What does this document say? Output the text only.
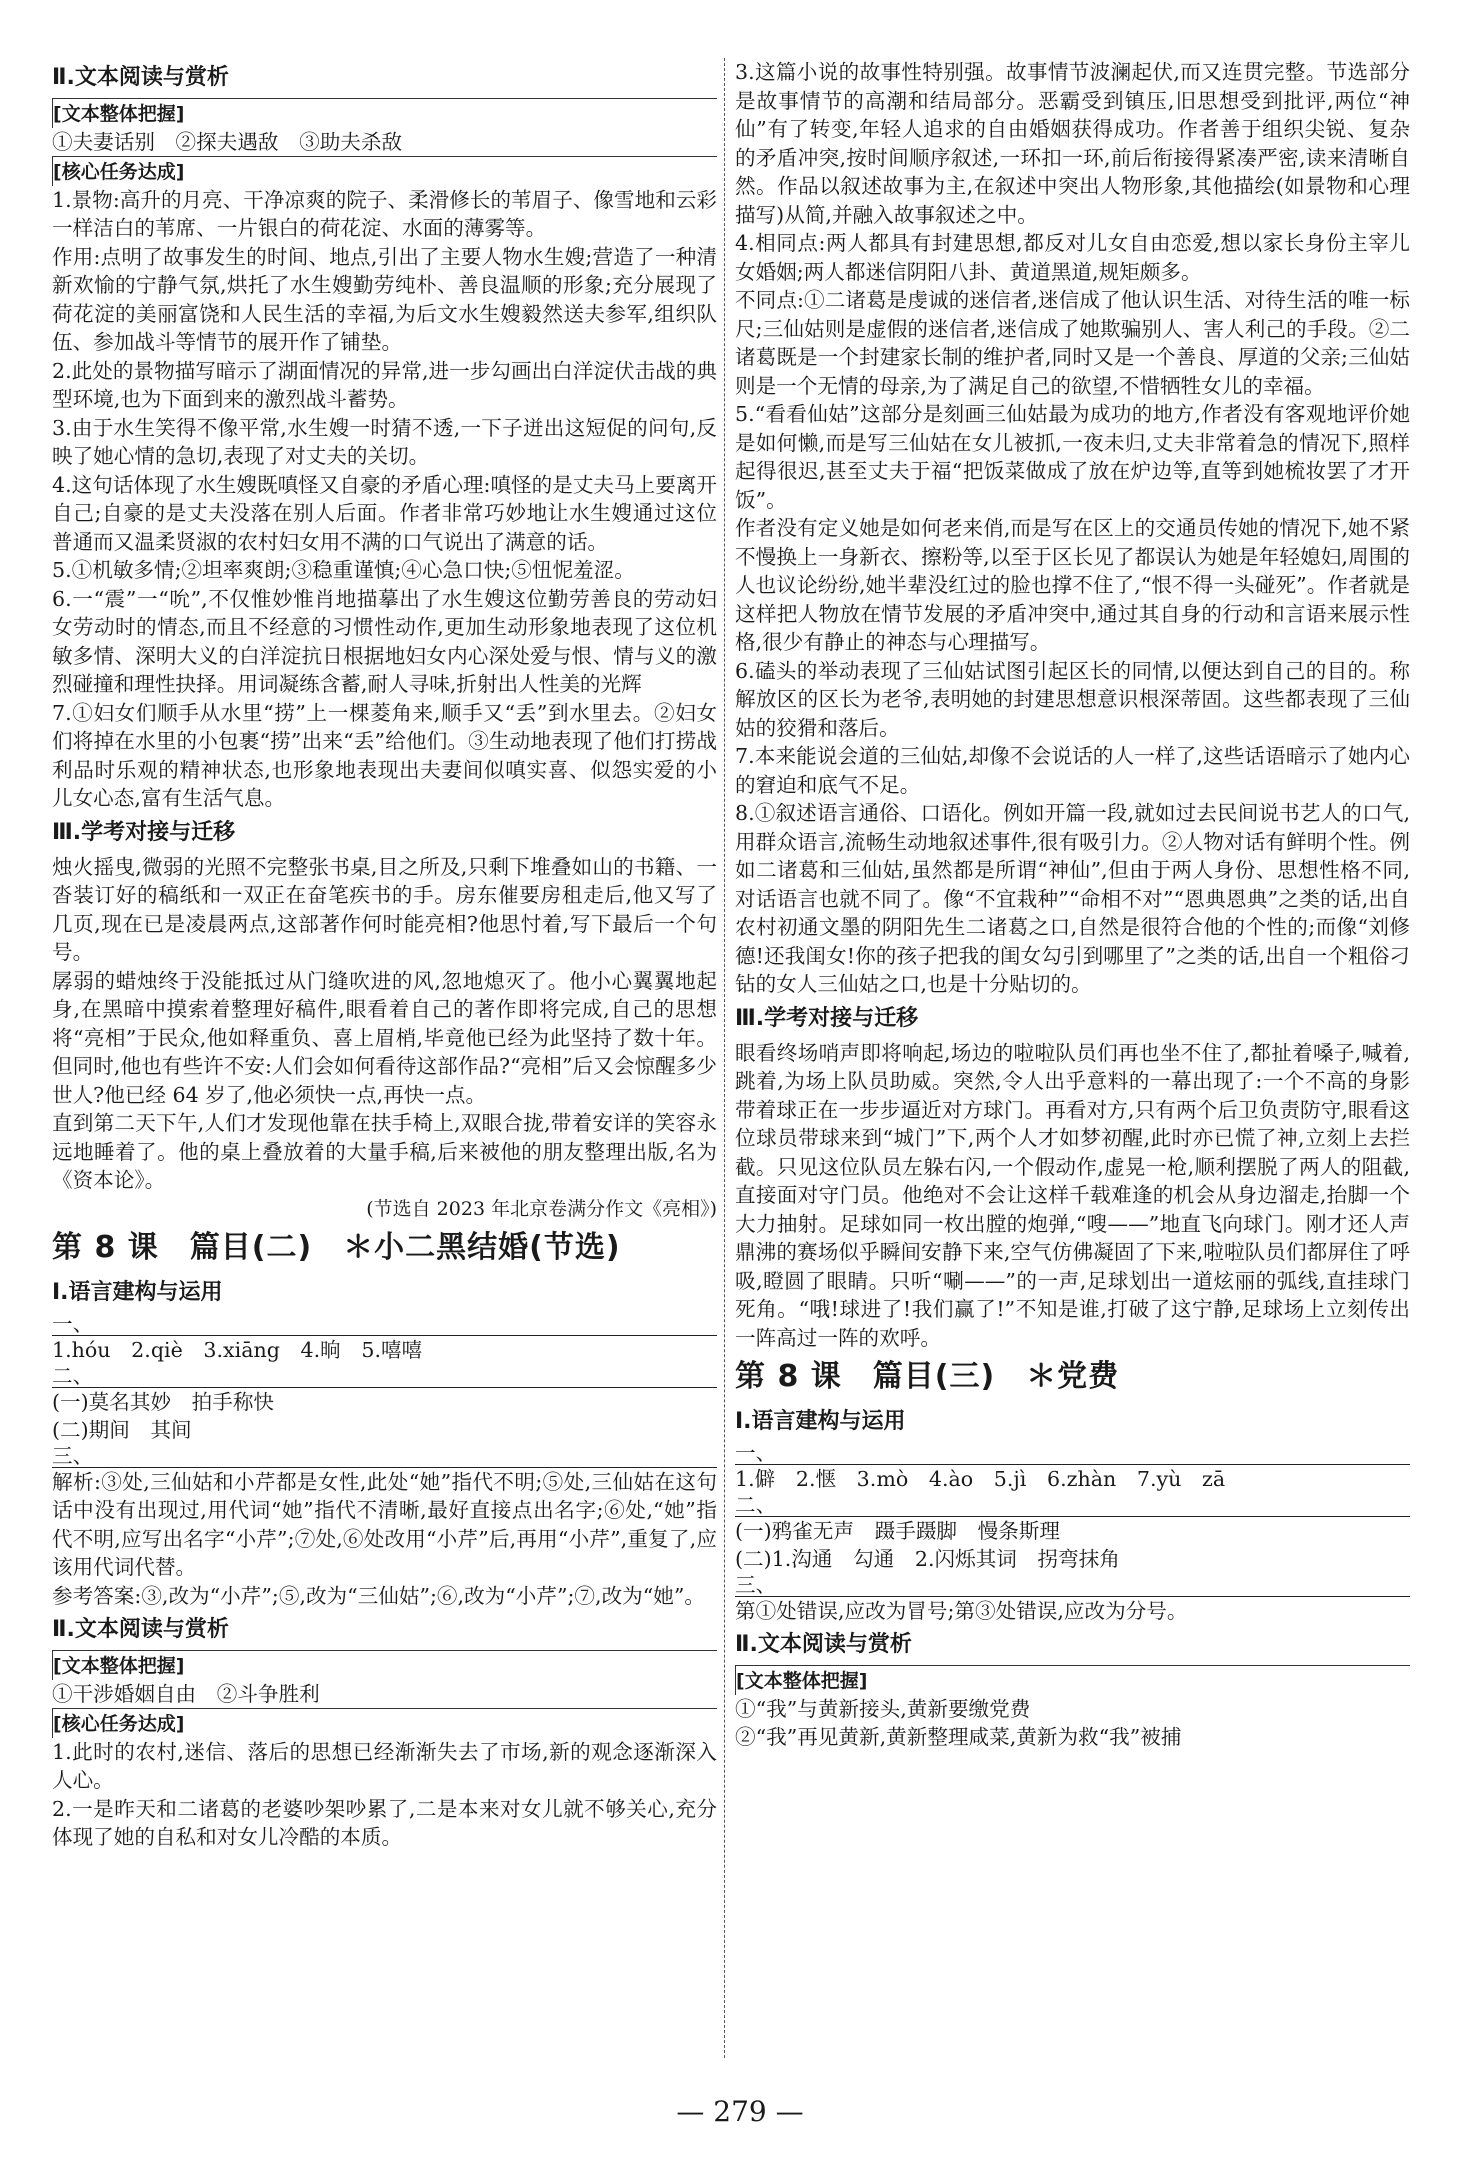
Ⅱ.文本阅读与赏析

[ 文本整体把握 ]

①夫妻话别　②探夫遇敌　③助夫杀敌

[ 核心任务达成 ]

1.景物:高升的月亮、干净凉爽的院子、柔滑修长的苇眉子、像雪地和云彩一样洁白的苇席、一片银白的荷花淀、水面的薄雾等。

作用:点明了故事发生的时间、地点,引出了主要人物水生嫂;营造了一种清新欢愉的宁静气氛,烘托了水生嫂勤劳纯朴、善良温顺的形象;充分展现了荷花淀的美丽富饶和人民生活的幸福,为后文水生嫂毅然送夫参军,组织队伍、参加战斗等情节的展开作了铺垫。

2.此处的景物描写暗示了湖面情况的异常,进一步勾画出白洋淀伏击战的典型环境,也为下面到来的激烈战斗蓄势。

3.由于水生笑得不像平常,水生嫂一时猜不透,一下子迸出这短促的问句,反映了她心情的急切,表现了对丈夫的关切。

4.这句话体现了水生嫂既嗔怪又自豪的矛盾心理:嗔怪的是丈夫马上要离开自己;自豪的是丈夫没落在别人后面。作者非常巧妙地让水生嫂通过这位普通而又温柔贤淑的农村妇女用不满的口气说出了满意的话。

5.①机敏多情;②坦率爽朗;③稳重谨慎;④心急口快;⑤忸怩羞涩。

6.一“震”一“吮”,不仅惟妙惟肖地描摹出了水生嫂这位勤劳善良的劳动妇女劳动时的情态,而且不经意的习惯性动作,更加生动形象地表现了这位机敏多情、深明大义的白洋淀抗日根据地妇女内心深处爱与恨、情与义的激烈碰撞和理性抉择。用词凝练含蓄,耐人寻味,折射出人性美的光辉

7.①妇女们顺手从水里“捞”上一棵菱角来,顺手又“丢”到水里去。②妇女们将掉在水里的小包裹“捞”出来“丢”给他们。③生动地表现了他们打捞战利品时乐观的精神状态,也形象地表现出夫妻间似嗔实喜、似怨实爱的小儿女心态,富有生活气息。

Ⅲ.学考对接与迁移

烛火摇曳,微弱的光照不完整张书桌,目之所及,只剩下堆叠如山的书籍、一沓装订好的稿纸和一双正在奋笔疾书的手。房东催要房租走后,他又写了几页,现在已是凌晨两点,这部著作何时能亮相?他思忖着,写下最后一个句号。

孱弱的蜡烛终于没能抵过从门缝吹进的风,忽地熄灭了。他小心翼翼地起身,在黑暗中摸索着整理好稿件,眼看着自己的著作即将完成,自己的思想将“亮相”于民众,他如释重负、喜上眉梢,毕竟他已经为此坚持了数十年。但同时,他也有些许不安:人们会如何看待这部作品?“亮相”后又会惊醒多少世人?他已经 64 岁了,他必须快一点,再快一点。

直到第二天下午,人们才发现他靠在扶手椅上,双眼合拢,带着安详的笑容永远地睡着了。他的桌上叠放着的大量手稿,后来被他的朋友整理出版,名为《资本论》。

(节选自 2023 年北京卷满分作文《亮相》)

第 8 课　篇目(二)　＊小二黑结婚(节选)

Ⅰ.语言建构与运用

一、

1.hóu　2.qiè　3.xiāng　4.晌　5.嘻嘻

二、

(一)莫名其妙　拍手称快

(二)期间　其间

三、

解析:③处,三仙姑和小芹都是女性,此处“她”指代不明;⑤处,三仙姑在这句话中没有出现过,用代词“她”指代不清晰,最好直接点出名字;⑥处,“她”指代不明,应写出名字“小芹”;⑦处,⑥处改用“小芹”后,再用“小芹”,重复了,应该用代词代替。

参考答案:③,改为“小芹”;⑤,改为“三仙姑”;⑥,改为“小芹”;⑦,改为“她”。

Ⅱ.文本阅读与赏析

[ 文本整体把握 ]

①干涉婚姻自由　②斗争胜利

[ 核心任务达成 ]

1.此时的农村,迷信、落后的思想已经渐渐失去了市场,新的观念逐渐深入人心。

2.一是昨天和二诸葛的老婆吵架吵累了,二是本来对女儿就不够关心,充分体现了她的自私和对女儿冷酷的本质。

3.这篇小说的故事性特别强。故事情节波澜起伏,而又连贯完整。节选部分是故事情节的高潮和结局部分。恶霸受到镇压,旧思想受到批评,两位“神仙”有了转变,年轻人追求的自由婚姻获得成功。作者善于组织尖锐、复杂的矛盾冲突,按时间顺序叙述,一环扣一环,前后衔接得紧凑严密,读来清晰自然。作品以叙述故事为主,在叙述中突出人物形象,其他描绘(如景物和心理描写)从简,并融入故事叙述之中。

4.相同点:两人都具有封建思想,都反对儿女自由恋爱,想以家长身份主宰儿女婚姻;两人都迷信阴阳八卦、黄道黑道,规矩颇多。

不同点:①二诸葛是虔诚的迷信者,迷信成了他认识生活、对待生活的唯一标尺;三仙姑则是虚假的迷信者,迷信成了她欺骗别人、害人利己的手段。②二诸葛既是一个封建家长制的维护者,同时又是一个善良、厚道的父亲;三仙姑则是一个无情的母亲,为了满足自己的欲望,不惜牺牲女儿的幸福。

5.“看看仙姑”这部分是刻画三仙姑最为成功的地方,作者没有客观地评价她是如何懒,而是写三仙姑在女儿被抓,一夜未归,丈夫非常着急的情况下,照样起得很迟,甚至丈夫于福“把饭菜做成了放在炉边等,直等到她梳妆罢了才开饭”。

作者没有定义她是如何老来俏,而是写在区上的交通员传她的情况下,她不紧不慢换上一身新衣、擦粉等,以至于区长见了都误认为她是年轻媳妇,周围的人也议论纷纷,她半辈没红过的脸也撑不住了,“恨不得一头碰死”。作者就是这样把人物放在情节发展的矛盾冲突中,通过其自身的行动和言语来展示性格,很少有静止的神态与心理描写。

6.磕头的举动表现了三仙姑试图引起区长的同情,以便达到自己的目的。称解放区的区长为老爷,表明她的封建思想意识根深蒂固。这些都表现了三仙姑的狡猾和落后。

7.本来能说会道的三仙姑,却像不会说话的人一样了,这些话语暗示了她内心的窘迫和底气不足。

8.①叙述语言通俗、口语化。例如开篇一段,就如过去民间说书艺人的口气,用群众语言,流畅生动地叙述事件,很有吸引力。②人物对话有鲜明个性。例如二诸葛和三仙姑,虽然都是所谓“神仙”,但由于两人身份、思想性格不同,对话语言也就不同了。像“不宜栽种”“命相不对”“恩典恩典”之类的话,出自农村初通文墨的阴阳先生二诸葛之口,自然是很符合他的个性的;而像“刘修德!还我闺女!你的孩子把我的闺女勾引到哪里了”之类的话,出自一个粗俗刁钻的女人三仙姑之口,也是十分贴切的。

Ⅲ.学考对接与迁移

眼看终场哨声即将响起,场边的啦啦队员们再也坐不住了,都扯着嗓子,喊着,跳着,为场上队员助威。突然,令人出乎意料的一幕出现了:一个不高的身影带着球正在一步步逼近对方球门。再看对方,只有两个后卫负责防守,眼看这位球员带球来到“城门”下,两个人才如梦初醒,此时亦已慌了神,立刻上去拦截。只见这位队员左躲右闪,一个假动作,虚晃一枪,顺利摆脱了两人的阻截,直接面对守门员。他绝对不会让这样千载难逢的机会从身边溜走,抬脚一个大力抽射。足球如同一枚出膛的炮弹,“嗖——”地直飞向球门。刚才还人声鼎沸的赛场似乎瞬间安静下来,空气仿佛凝固了下来,啦啦队员们都屏住了呼吸,瞪圆了眼睛。只听“唰——”的一声,足球划出一道炫丽的弧线,直挂球门死角。“哦!球进了!我们赢了!”不知是谁,打破了这宁静,足球场上立刻传出一阵高过一阵的欢呼。

第 8 课　篇目(三)　＊党费

Ⅰ.语言建构与运用

一、

1.僻　2.惬　3.mò　4.ào　5.jì　6.zhàn　7.yù　zā

二、

(一)鸦雀无声　蹑手蹑脚　慢条斯理

(二)1.沟通　勾通　2.闪烁其词　拐弯抹角

三、

第①处错误,应改为冒号;第③处错误,应改为分号。

Ⅱ.文本阅读与赏析

[ 文本整体把握 ]

①“我”与黄新接头,黄新要缴党费

②“我”再见黄新,黄新整理咸菜,黄新为救“我”被捕

— 279 —
